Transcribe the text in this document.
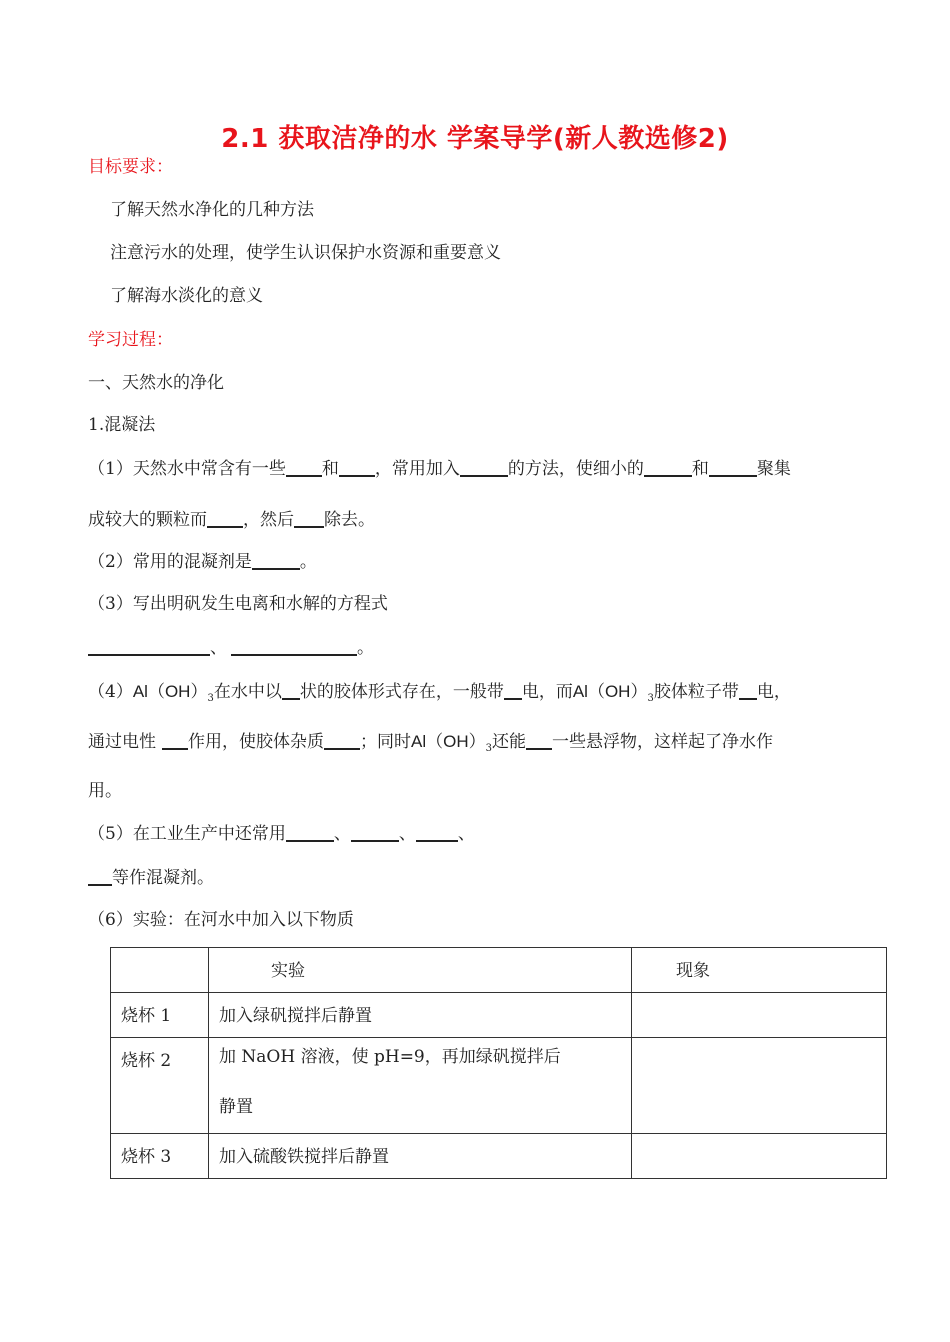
2.1 获取洁净的水 学案导学(新人教选修2)
目标要求：
了解天然水净化的几种方法
注意污水的处理，使学生认识保护水资源和重要意义
了解海水淡化的意义
学习过程：
一、天然水的净化
1.混凝法
（1）天然水中常含有一些 和 ，常用加入	的方法，使细小的	和	聚集
成较大的颗粒而 ，然后 除去。
（2）常用的混凝剂是	。
（3）写出明矾发生电离和水解的方程式
、	。
$(4)Al(OH)_3$在水中以 状的胶体形式存在，一般带 电，而$Al(OH)_3$胶体粒子带 电，
通过电性 作用，使胶体杂质 ；同时$Al(OH)_3$还能 一些悬浮物，这样起了净水作
用。
（5）在工业生产中还常用	、	、 、
等作混凝剂。
（6）实验：在河水中加入以下物质
	实验	现象
烧杯 1	加入绿矾搅拌后静置	
烧杯 2	加 NaOH 溶液，使 pH=9，再加绿矾搅拌后
静置	

烧杯 3	加入硫酸铁搅拌后静置	
